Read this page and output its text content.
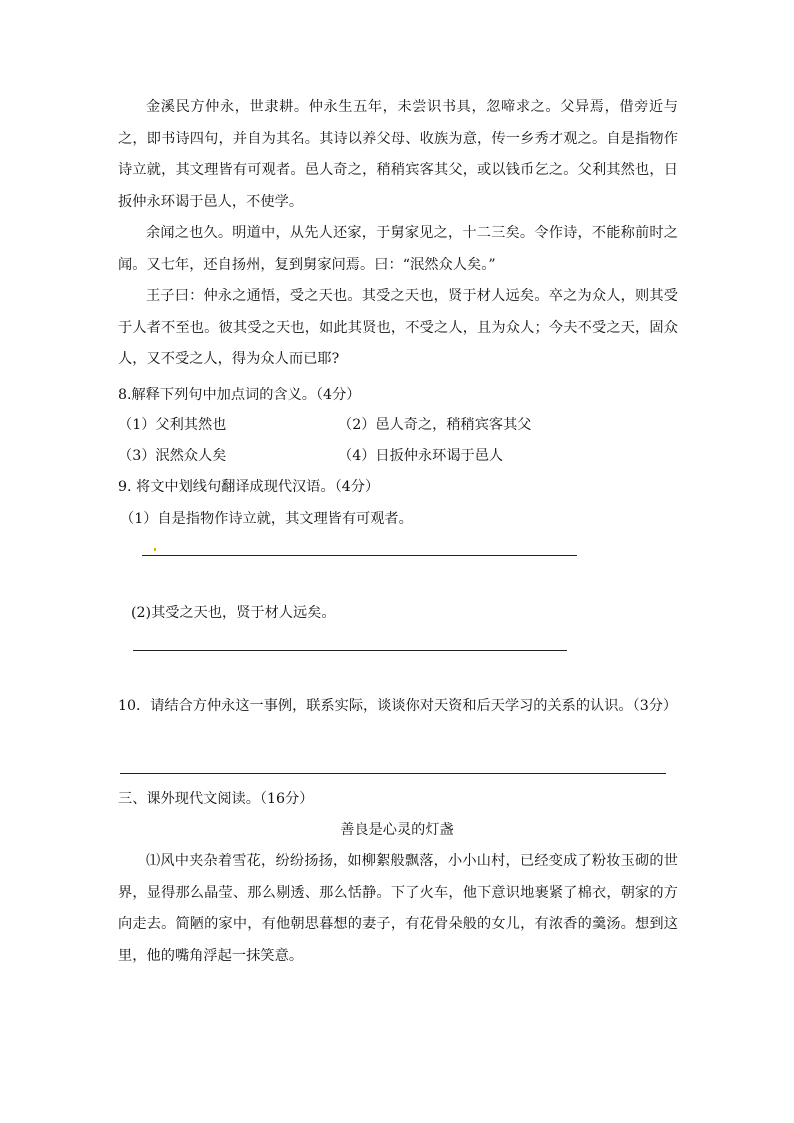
金溪民方仲永，世隶耕。仲永生五年，未尝识书具，忽啼求之。父异焉，借旁近与之，即书诗四句，并自为其名。其诗以养父母、收族为意，传一乡秀才观之。自是指物作诗立就，其文理皆有可观者。邑人奇之，稍稍宾客其父，或以钱币乞之。父利其然也，日扳仲永环谒于邑人，不使学。

余闻之也久。明道中，从先人还家，于舅家见之，十二三矣。令作诗，不能称前时之闻。又七年，还自扬州，复到舅家问焉。曰：“泯然众人矣。”

王子曰：仲永之通悟，受之天也。其受之天也，贤于材人远矣。卒之为众人，则其受于人者不至也。彼其受之天也，如此其贤也，不受之人，且为众人；今夫不受之天，固众人，又不受之人，得为众人而已耶?

8.解释下列句中加点词的含义。（4分）

（1）父利其然也	（2）邑人奇之，稍稍宾客其父
（3）泯然众人矣	（4）日扳仲永环谒于邑人

9. 将文中划线句翻译成现代汉语。（4分）

（1）自是指物作诗立就，其文理皆有可观者。

(2)其受之天也，贤于材人远矣。

10．请结合方仲永这一事例，联系实际，谈谈你对天资和后天学习的关系的认识。（3分）

三、课外现代文阅读。（16分）

善良是心灵的灯盏

⑴风中夹杂着雪花，纷纷扬扬，如柳絮般飘落，小小山村，已经变成了粉妆玉砌的世界，显得那么晶莹、那么剔透、那么恬静。下了火车，他下意识地裹紧了棉衣，朝家的方向走去。简陋的家中，有他朝思暮想的妻子，有花骨朵般的女儿，有浓香的羹汤。想到这里，他的嘴角浮起一抹笑意。
